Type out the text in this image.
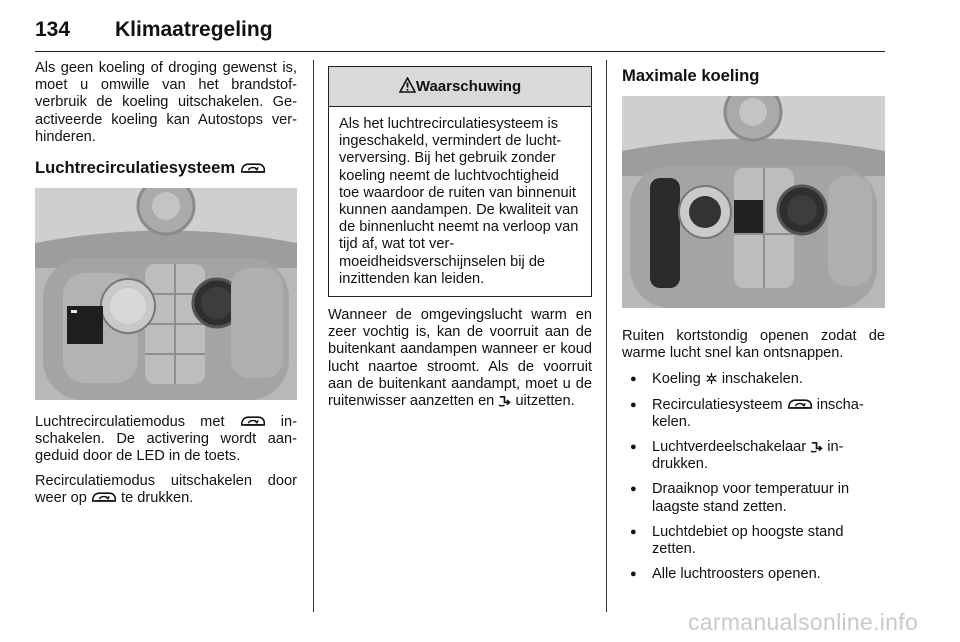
134 Klimaatregeling

Als geen koeling of droging gewenst is, moet u omwille van het brandstofverbruik de koeling uitschakelen. Geactiveerde koeling kan Autostops verhinderen.

Luchtrecirculatiesysteem

Luchtrecirculatiemodus met	inschakelen. De activering wordt aangeduid door de LED in de toets.

Recirculatiemodus uitschakelen door weer op te drukken.

Waarschuwing

Als het luchtrecirculatiesysteem is ingeschakeld, vermindert de luchtverversing. Bij het gebruik zonder koeling neemt de luchtvochtigheid toe waardoor de ruiten van binnenuit kunnen aandampen. De kwaliteit van de binnenlucht neemt na verloop van tijd af, wat tot vermoeidheidsverschijnselen bij de inzittenden kan leiden.

Wanneer de omgevingslucht warm en zeer vochtig is, kan de voorruit aan de buitenkant aandampen wanneer er koud lucht naartoe stroomt. Als de voorruit aan de buitenkant aandampt, moet u de ruitenwisser aanzetten en uitzetten.

Maximale koeling

Ruiten kortstondig openen zodat de warme lucht snel kan ontsnappen.

● Koeling inschakelen.
● Recirculatiesysteem inschakelen.
● Luchtverdeelschakelaar indrukken.
● Draaiknop voor temperatuur in laagste stand zetten.
● Luchtdebiet op hoogste stand zetten.
● Alle luchtroosters openen.
carmanualsonline.info
